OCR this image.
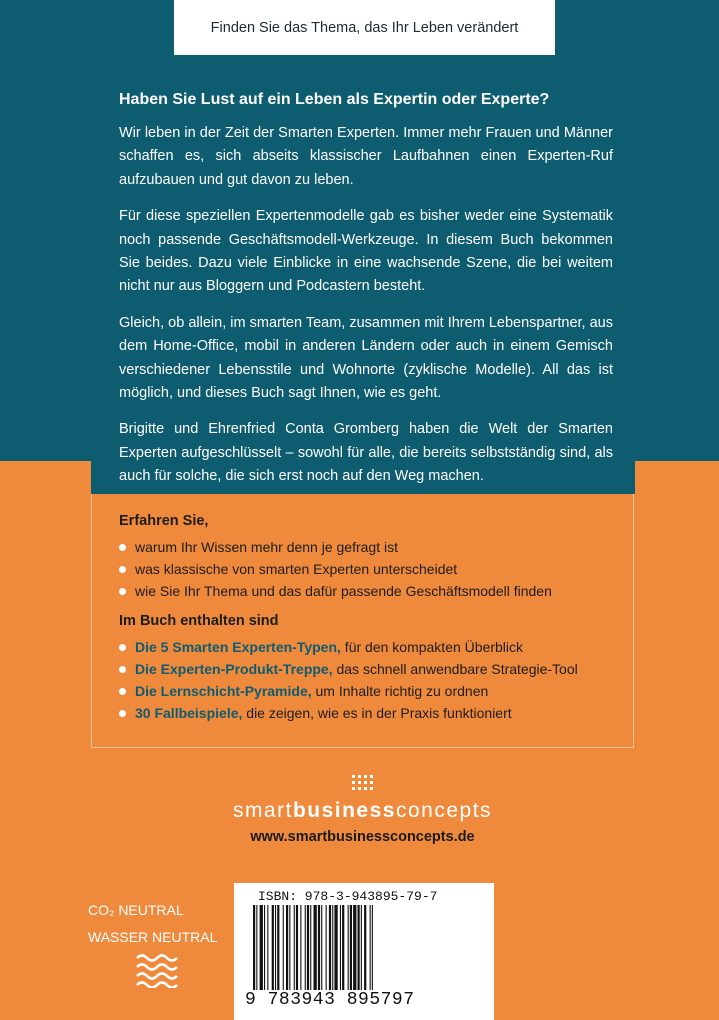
Finden Sie das Thema, das Ihr Leben verändert
Haben Sie Lust auf ein Leben als Expertin oder Experte?

Wir leben in der Zeit der Smarten Experten. Immer mehr Frauen und Männer schaffen es, sich abseits klassischer Laufbahnen einen Experten-Ruf aufzubauen und gut davon zu leben.

Für diese speziellen Expertenmodelle gab es bisher weder eine Systematik noch passende Geschäftsmodell-Werkzeuge. In diesem Buch bekommen Sie beides. Dazu viele Einblicke in eine wachsende Szene, die bei weitem nicht nur aus Bloggern und Podcastern besteht.

Gleich, ob allein, im smarten Team, zusammen mit Ihrem Lebenspartner, aus dem Home-Office, mobil in anderen Ländern oder auch in einem Gemisch verschiedener Lebensstile und Wohnorte (zyklische Modelle). All das ist möglich, und dieses Buch sagt Ihnen, wie es geht.

Brigitte und Ehrenfried Conta Gromberg haben die Welt der Smarten Experten aufgeschlüsselt – sowohl für alle, die bereits selbstständig sind, als auch für solche, die sich erst noch auf den Weg machen.

Erfahren Sie,
warum Ihr Wissen mehr denn je gefragt ist
was klassische von smarten Experten unterscheidet
wie Sie Ihr Thema und das dafür passende Geschäftsmodell finden
Im Buch enthalten sind
Die 5 Smarten Experten-Typen, für den kompakten Überblick
Die Experten-Produkt-Treppe, das schnell anwendbare Strategie-Tool
Die Lernschicht-Pyramide, um Inhalte richtig zu ordnen
30 Fallbeispiele, die zeigen, wie es in der Praxis funktioniert
smartbusinessconcepts
www.smartbusinessconcepts.de
CO₂ NEUTRAL
WASSER NEUTRAL
ISBN: 978-3-943895-79-7
9 783943 895797
